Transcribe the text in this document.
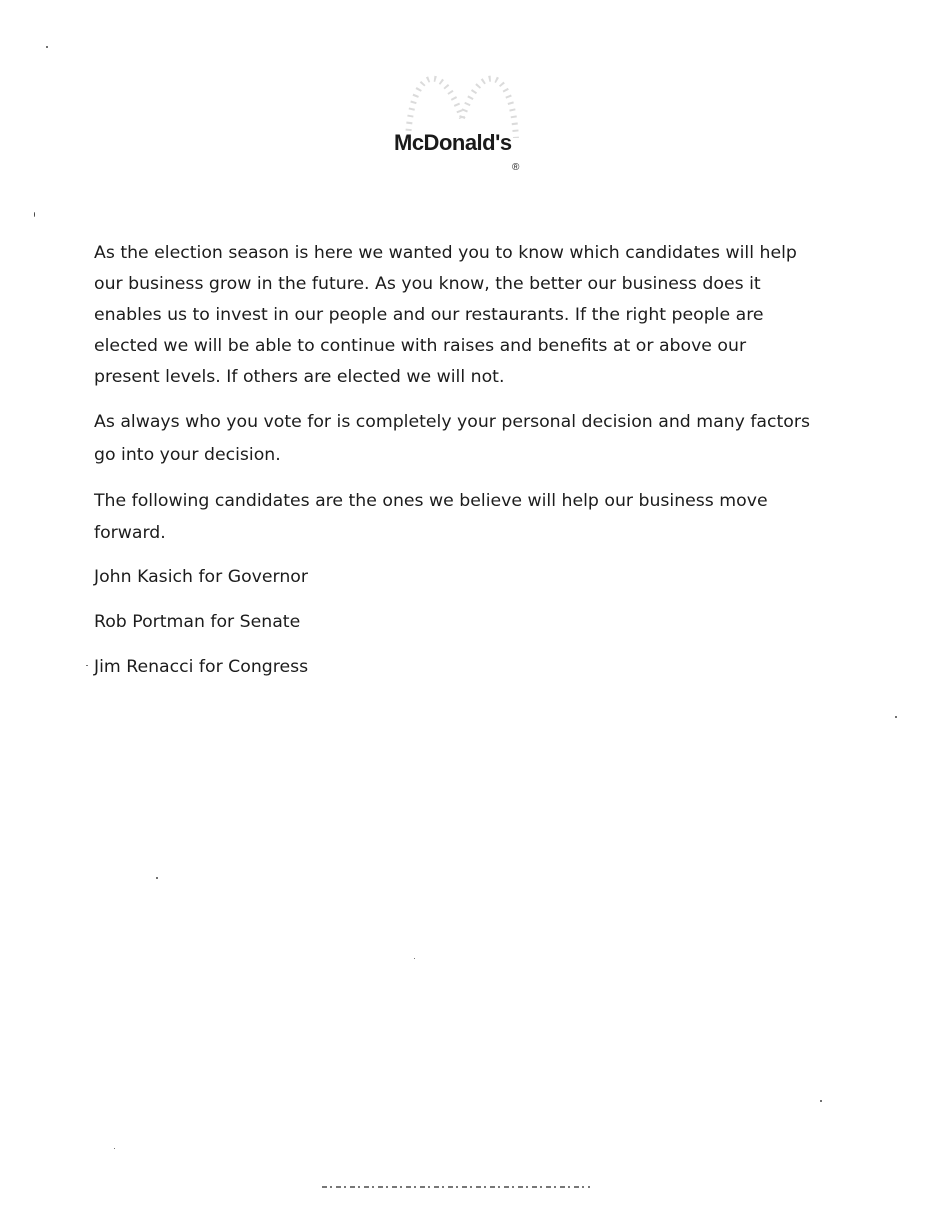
McDonald's
®

As the election season is here we wanted you to know which candidates will help our business grow in the future. As you know, the better our business does it enables us to invest in our people and our restaurants. If the right people are elected we will be able to continue with raises and benefits at or above our present levels. If others are elected we will not.

As always who you vote for is completely your personal decision and many factors go into your decision.

The following candidates are the ones we believe will help our business move forward.

John Kasich for Governor
Rob Portman for Senate
Jim Renacci for Congress
